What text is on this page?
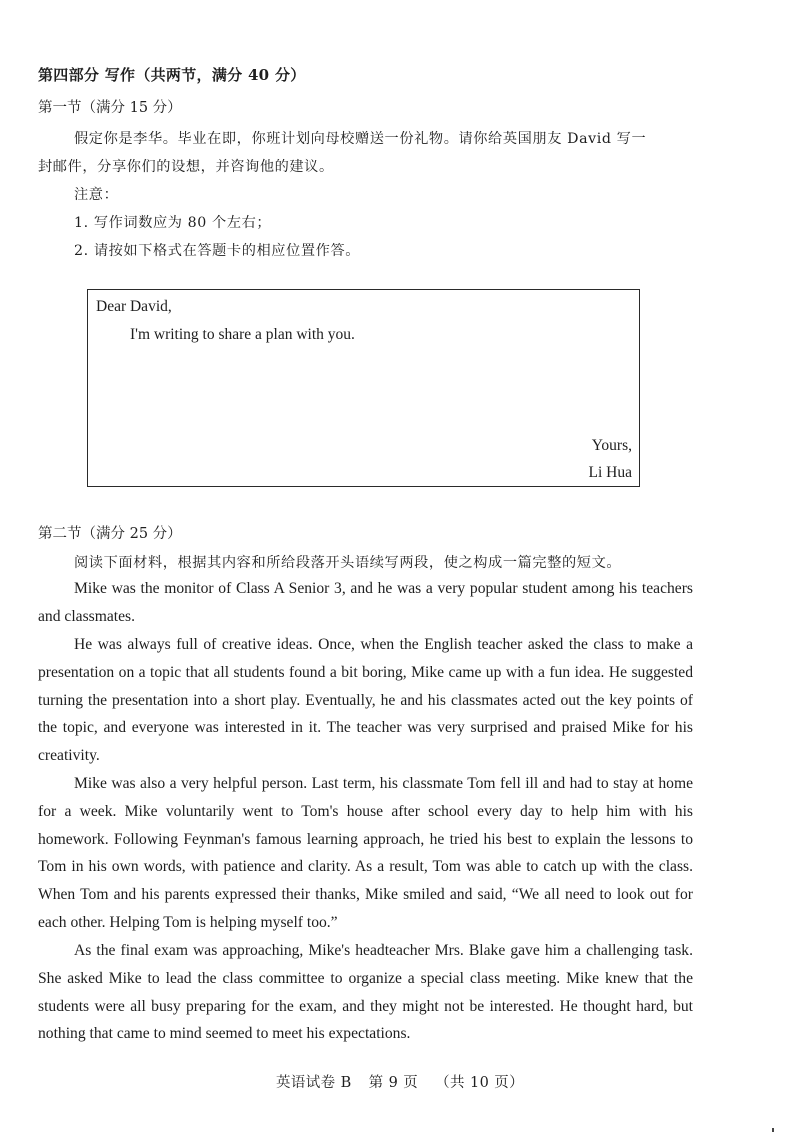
第四部分 写作（共两节，满分 40 分）
第一节（满分 15 分）
假定你是李华。毕业在即，你班计划向母校赠送一份礼物。请你给英国朋友 David 写一
封邮件，分享你们的设想，并咨询他的建议。
注意：
1. 写作词数应为 80 个左右；
2. 请按如下格式在答题卡的相应位置作答。
Dear David,
I'm writing to share a plan with you.
Yours,
Li Hua
第二节（满分 25 分）
阅读下面材料，根据其内容和所给段落开头语续写两段，使之构成一篇完整的短文。

Mike was the monitor of Class A Senior 3, and he was a very popular student among his teachers and classmates.

He was always full of creative ideas. Once, when the English teacher asked the class to make a presentation on a topic that all students found a bit boring, Mike came up with a fun idea. He suggested turning the presentation into a short play. Eventually, he and his classmates acted out the key points of the topic, and everyone was interested in it. The teacher was very surprised and praised Mike for his creativity.

Mike was also a very helpful person. Last term, his classmate Tom fell ill and had to stay at home for a week. Mike voluntarily went to Tom's house after school every day to help him with his homework. Following Feynman's famous learning approach, he tried his best to explain the lessons to Tom in his own words, with patience and clarity. As a result, Tom was able to catch up with the class. When Tom and his parents expressed their thanks, Mike smiled and said, “We all need to look out for each other. Helping Tom is helping myself too.”

As the final exam was approaching, Mike's headteacher Mrs. Blake gave him a challenging task. She asked Mike to lead the class committee to organize a special class meeting. Mike knew that the students were all busy preparing for the exam, and they might not be interested. He thought hard, but nothing that came to mind seemed to meet his expectations.

英语试卷 B 第 9 页 （共 10 页）
